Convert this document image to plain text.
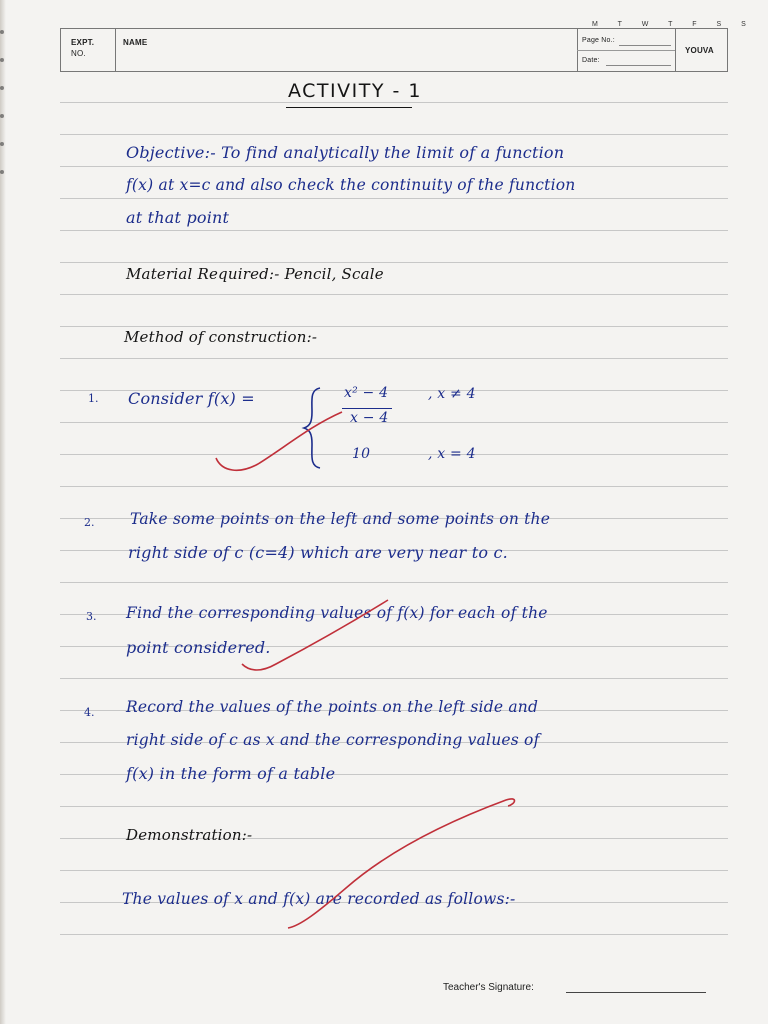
M T W T F S S
EXPT.
NO.
NAME	Page No.:
Date:
YOUVA
ACTIVITY - 1
Objective:- To find analytically the limit of a function
f(x) at x=c and also check the continuity of the function
at that point
Material Required:- Pencil, Scale
Method of construction:-
1. Consider f(x) =	x² − 4
x − 4
, x ≠ 4
10	, x = 4
2. Take some points on the left and some points on the
right side of c (c=4) which are very near to c.
3. Find the corresponding values of f(x) for each of the
point considered.
4. Record the values of the points on the left side and
right side of c as x and the corresponding values of
f(x) in the form of a table
Demonstration:-
The values of x and f(x) are recorded as follows:-
Teacher's Signature:
